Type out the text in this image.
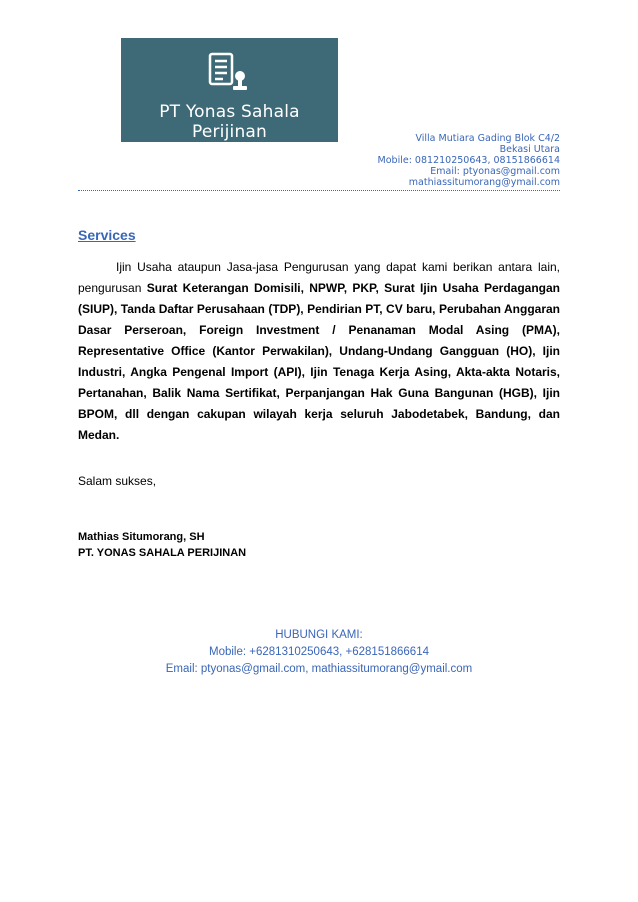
PT Yonas Sahala Perijinan	Villa Mutiara Gading Blok C4/2
Bekasi Utara
Mobile: 081210250643, 08151866614
Email: ptyonas@gmail.com
mathiassitumorang@ymail.com
Services
Ijin Usaha ataupun Jasa-jasa Pengurusan yang dapat kami berikan antara lain, pengurusan Surat Keterangan Domisili, NPWP, PKP, Surat Ijin Usaha Perdagangan (SIUP), Tanda Daftar Perusahaan (TDP), Pendirian PT, CV baru, Perubahan Anggaran Dasar Perseroan, Foreign Investment / Penanaman Modal Asing (PMA), Representative Office (Kantor Perwakilan), Undang-Undang Gangguan (HO), Ijin Industri, Angka Pengenal Import (API), Ijin Tenaga Kerja Asing, Akta-akta Notaris, Pertanahan, Balik Nama Sertifikat, Perpanjangan Hak Guna Bangunan (HGB), Ijin BPOM, dll dengan cakupan wilayah kerja seluruh Jabodetabek, Bandung, dan Medan.
Salam sukses,
Mathias Situmorang, SH
PT. YONAS SAHALA PERIJINAN
HUBUNGI KAMI:
Mobile: +6281310250643, +628151866614
Email: ptyonas@gmail.com, mathiassitumorang@ymail.com
